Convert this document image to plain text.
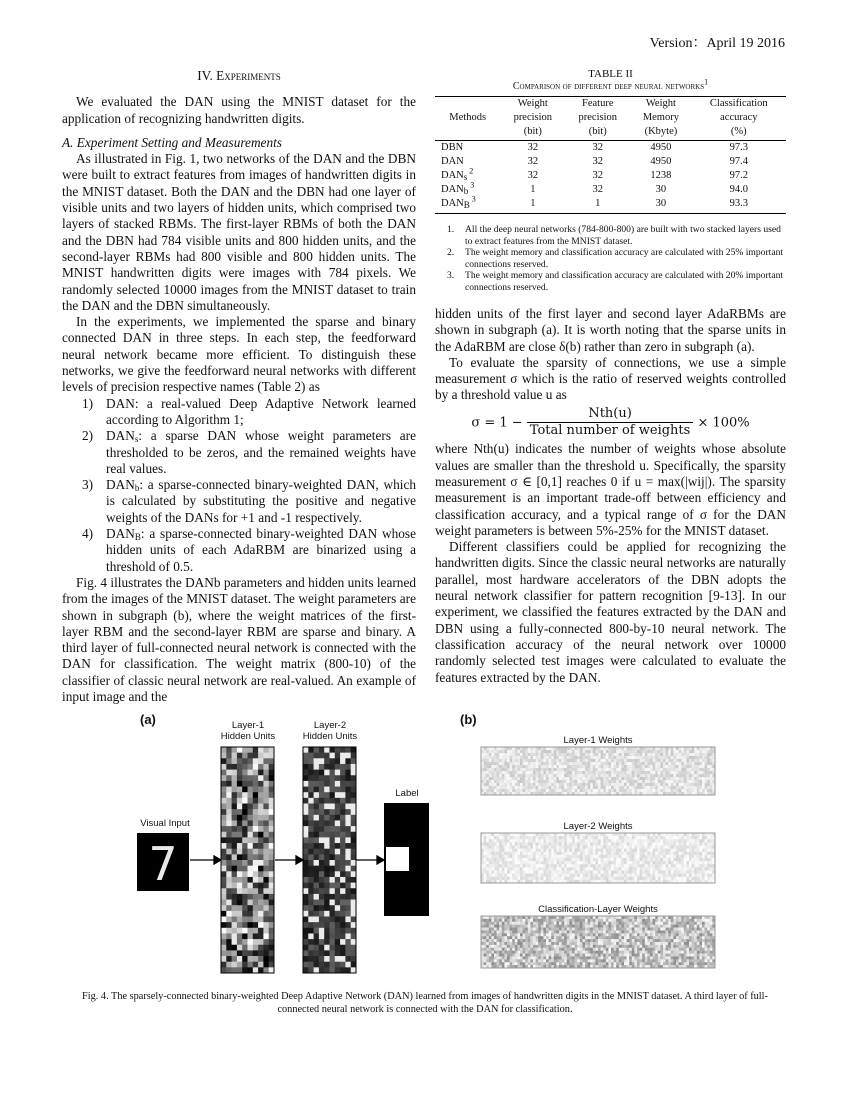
Version：April 19 2016
IV. Experiments

We evaluated the DAN using the MNIST dataset for the application of recognizing handwritten digits.

A. Experiment Setting and Measurements

As illustrated in Fig. 1, two networks of the DAN and the DBN were built to extract features from images of handwritten digits in the MNIST dataset. Both the DAN and the DBN had one layer of visible units and two layers of hidden units, which comprised two layers of stacked RBMs. The first-layer RBMs of both the DAN and the DBN had 784 visible units and 800 hidden units, and the second-layer RBMs had 800 visible and 800 hidden units. The MNIST handwritten digits were images with 784 pixels. We randomly selected 10000 images from the MNIST dataset to train the DAN and the DBN simultaneously.

In the experiments, we implemented the sparse and binary connected DAN in three steps. In each step, the feedforward neural network became more efficient. To distinguish these networks, we give the feedforward neural networks with different levels of precision respective names (Table 2) as

1) DAN: a real-valued Deep Adaptive Network learned according to Algorithm 1;
2) $DAN_s$: a sparse DAN whose weight parameters are thresholded to be zeros, and the remained weights have real values.
3) $DAN_b$: a sparse-connected binary-weighted DAN, which is calculated by substituting the positive and negative weights of the DANs for +1 and -1 respectively.
4) $DAN_B$: a sparse-connected binary-weighted DAN whose hidden units of each AdaRBM are binarized using a threshold of 0.5.

Fig. 4 illustrates the DANb parameters and hidden units learned from the images of the MNIST dataset. The weight parameters are shown in subgraph (b), where the weight matrices of the first-layer RBM and the second-layer RBM are sparse and binary. A third layer of full-connected neural network is connected with the DAN for classification. The weight matrix (800-10) of the classifier of classic neural network are real-valued. An example of input image and the

TABLE II
Comparison of different deep neural networks$^1$
	Weight	Feature	Weight	Classification
Methods	precision	precision	Memory	accuracy
	(bit)	(bit)	(Kbyte)	(%)
DBN	32	32	4950	97.3
DAN	32	32	4950	97.4
$DAN_s$ $^2$	32	32	1238	97.2
$DAN_b$ $^3$	1	32	30	94.0
$DAN_B$ $^3$	1	1	30	93.3
1.	All the deep neural networks (784-800-800) are built with two stacked layers used to extract features from the MNIST dataset.
2.	The weight memory and classification accuracy are calculated with 25% important connections reserved.
3.	The weight memory and classification accuracy are calculated with 20% important connections reserved.

hidden units of the first layer and second layer AdaRBMs are shown in subgraph (a). It is worth noting that the sparse units in the AdaRBM are close δ(b) rather than zero in subgraph (a).

To evaluate the sparsity of connections, we use a simple measurement σ which is the ratio of reserved weights controlled by a threshold value u as

$\sigma = 1 - \frac{\text{Nth(u)}}{\text{Total number of weights}} \times 100\%$

where Nth(u) indicates the number of weights whose absolute values are smaller than the threshold u. Specifically, the sparsity measurement σ ∈ [0,1] reaches 0 if u = max(|wij|). The sparsity measurement is an important trade-off between efficiency and classification accuracy, and a typical range of σ for the DAN weight parameters is between 5%-25% for the MNIST dataset.

Different classifiers could be applied for recognizing the handwritten digits. Since the classic neural networks are naturally parallel, most hardware accelerators of the DBN adopts the neural network classifier for pattern recognition [9-13]. In our experiment, we classified the features extracted by the DAN and DBN using a fully-connected 800-by-10 neural network. The classification accuracy of the neural network over 10000 randomly selected test images were calculated to evaluate the features extracted by the DAN.

(a)	(b)
Layer-1
Hidden Units
Layer-2
Hidden Units
Visual Input
Label
7
Layer-1 Weights
Layer-2 Weights
Classification-Layer Weights
Fig. 4. The sparsely-connected binary-weighted Deep Adaptive Network (DAN) learned from images of handwritten digits in the MNIST dataset. A third layer of full-connected neural network is connected with the DAN for classification.
